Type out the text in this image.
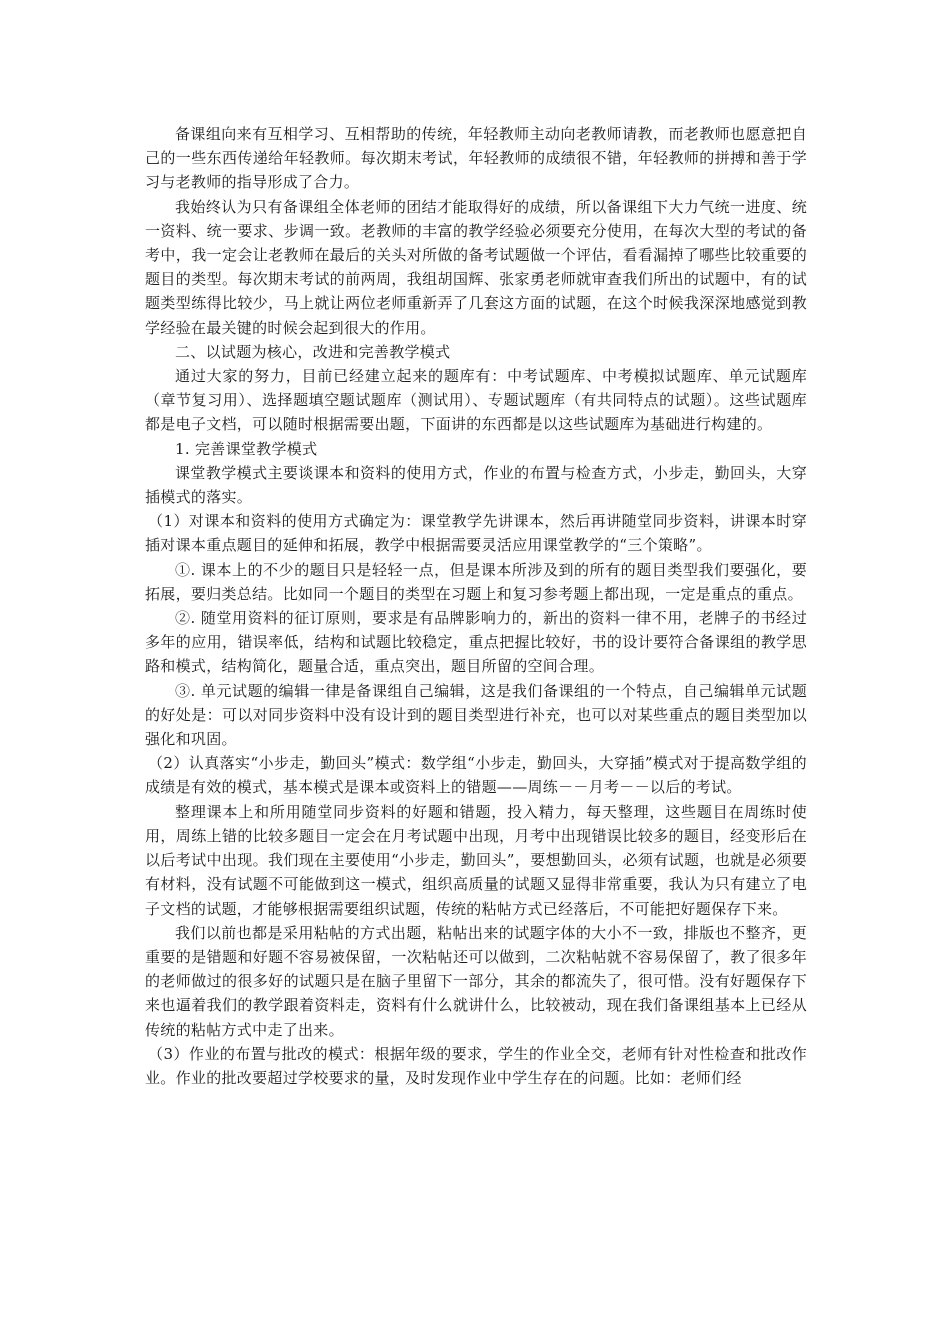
备课组向来有互相学习、互相帮助的传统，年轻教师主动向老教师请教，而老教师也愿意把自己的一些东西传递给年轻教师。每次期末考试，年轻教师的成绩很不错，年轻教师的拼搏和善于学习与老教师的指导形成了合力。

我始终认为只有备课组全体老师的团结才能取得好的成绩，所以备课组下大力气统一进度、统一资料、统一要求、步调一致。老教师的丰富的教学经验必须要充分使用，在每次大型的考试的备考中，我一定会让老教师在最后的关头对所做的备考试题做一个评估，看看漏掉了哪些比较重要的题目的类型。每次期末考试的前两周，我组胡国辉、张家勇老师就审查我们所出的试题中，有的试题类型练得比较少，马上就让两位老师重新弄了几套这方面的试题，在这个时候我深深地感觉到教学经验在最关键的时候会起到很大的作用。

二、以试题为核心，改进和完善教学模式

通过大家的努力，目前已经建立起来的题库有：中考试题库、中考模拟试题库、单元试题库（章节复习用）、选择题填空题试题库（测试用）、专题试题库（有共同特点的试题）。这些试题库都是电子文档，可以随时根据需要出题，下面讲的东西都是以这些试题库为基础进行构建的。

1. 完善课堂教学模式

课堂教学模式主要谈课本和资料的使用方式，作业的布置与检查方式，小步走，勤回头，大穿插模式的落实。

（1）对课本和资料的使用方式确定为：课堂教学先讲课本，然后再讲随堂同步资料，讲课本时穿插对课本重点题目的延伸和拓展，教学中根据需要灵活应用课堂教学的“三个策略”。

①. 课本上的不少的题目只是轻轻一点，但是课本所涉及到的所有的题目类型我们要强化，要拓展，要归类总结。比如同一个题目的类型在习题上和复习参考题上都出现，一定是重点的重点。

②. 随堂用资料的征订原则，要求是有品牌影响力的，新出的资料一律不用，老牌子的书经过多年的应用，错误率低，结构和试题比较稳定，重点把握比较好，书的设计要符合备课组的教学思路和模式，结构简化，题量合适，重点突出，题目所留的空间合理。

③. 单元试题的编辑一律是备课组自己编辑，这是我们备课组的一个特点，自己编辑单元试题的好处是：可以对同步资料中没有设计到的题目类型进行补充，也可以对某些重点的题目类型加以强化和巩固。

（2）认真落实“小步走，勤回头”模式：数学组“小步走，勤回头，大穿插”模式对于提高数学组的成绩是有效的模式，基本模式是课本或资料上的错题——周练－－月考－－以后的考试。

整理课本上和所用随堂同步资料的好题和错题，投入精力，每天整理，这些题目在周练时使用，周练上错的比较多题目一定会在月考试题中出现，月考中出现错误比较多的题目，经变形后在以后考试中出现。我们现在主要使用“小步走，勤回头”，要想勤回头，必须有试题，也就是必须要有材料，没有试题不可能做到这一模式，组织高质量的试题又显得非常重要，我认为只有建立了电子文档的试题，才能够根据需要组织试题，传统的粘帖方式已经落后，不可能把好题保存下来。

我们以前也都是采用粘帖的方式出题，粘帖出来的试题字体的大小不一致，排版也不整齐，更重要的是错题和好题不容易被保留，一次粘帖还可以做到，二次粘帖就不容易保留了，教了很多年的老师做过的很多好的试题只是在脑子里留下一部分，其余的都流失了，很可惜。没有好题保存下来也逼着我们的教学跟着资料走，资料有什么就讲什么，比较被动，现在我们备课组基本上已经从传统的粘帖方式中走了出来。

（3）作业的布置与批改的模式：根据年级的要求，学生的作业全交，老师有针对性检查和批改作业。作业的批改要超过学校要求的量，及时发现作业中学生存在的问题。比如：老师们经
